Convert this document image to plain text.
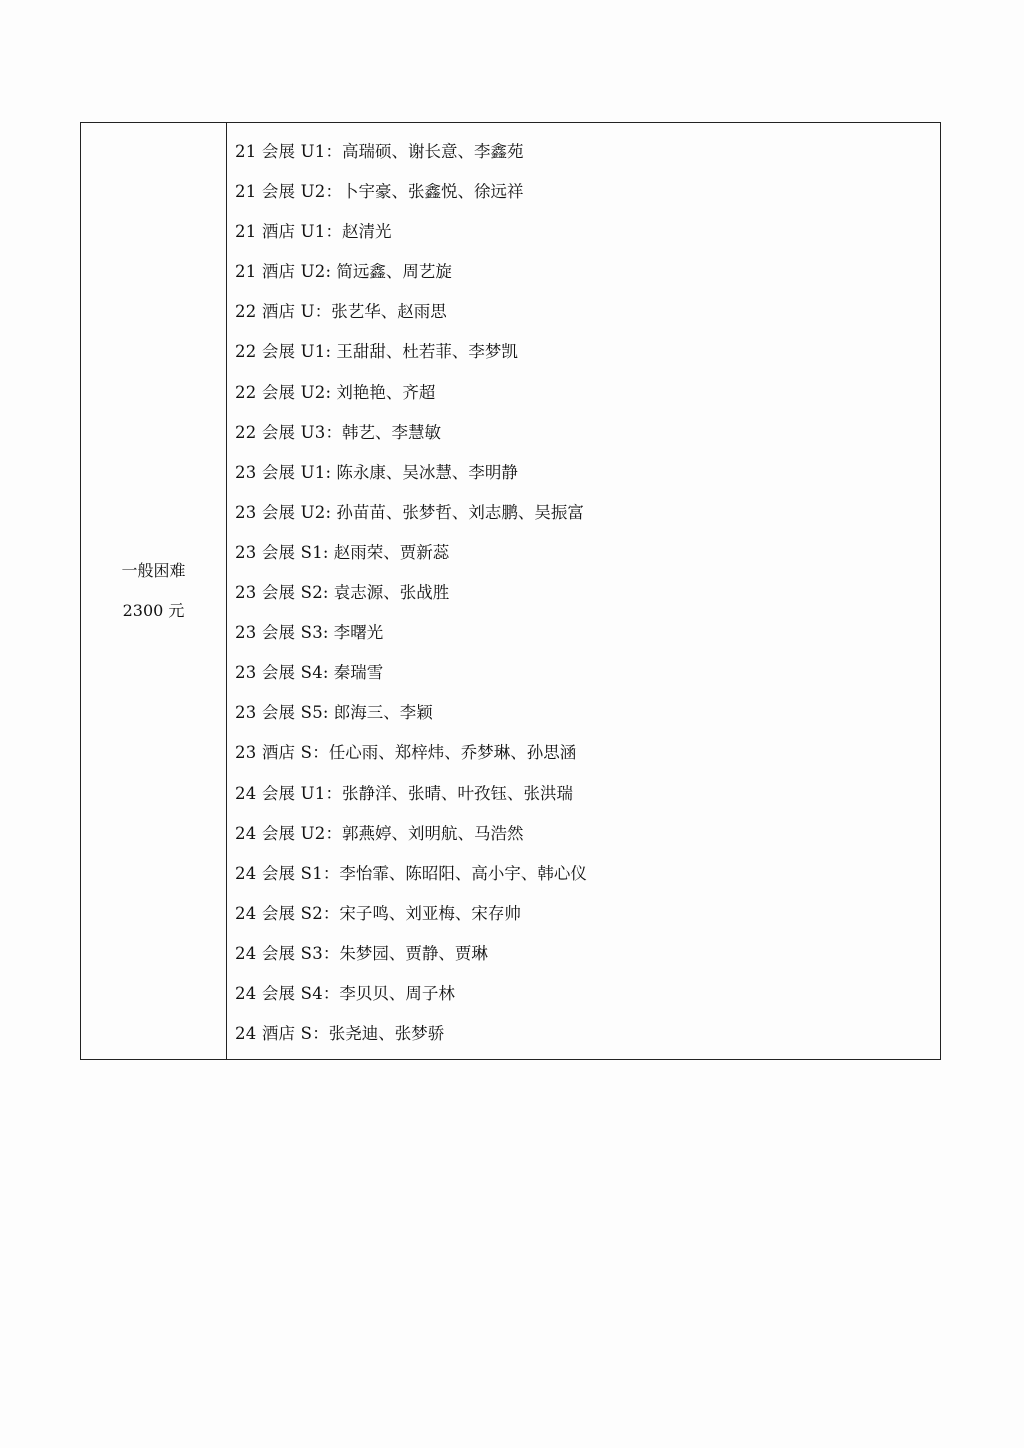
一般困难
2300 元
21 会展 U1：高瑞硕、谢长意、李鑫苑
21 会展 U2：卜宇豪、张鑫悦、徐远祥
21 酒店 U1：赵清光
21 酒店 U2: 简远鑫、周艺旋
22 酒店 U：张艺华、赵雨思
22 会展 U1: 王甜甜、杜若菲、李梦凯
22 会展 U2: 刘艳艳、齐超
22 会展 U3：韩艺、李慧敏
23 会展 U1: 陈永康、吴冰慧、李明静
23 会展 U2: 孙苗苗、张梦哲、刘志鹏、吴振富
23 会展 S1: 赵雨荣、贾新蕊
23 会展 S2: 袁志源、张战胜
23 会展 S3: 李曙光
23 会展 S4: 秦瑞雪
23 会展 S5: 郎海三、李颖
23 酒店 S：任心雨、郑梓炜、乔梦琳、孙思涵
24 会展 U1：张静洋、张晴、叶孜钰、张洪瑞
24 会展 U2：郭燕婷、刘明航、马浩然
24 会展 S1：李怡霏、陈昭阳、高小宇、韩心仪
24 会展 S2：宋子鸣、刘亚梅、宋存帅
24 会展 S3：朱梦园、贾静、贾琳
24 会展 S4：李贝贝、周子林
24 酒店 S：张尧迪、张梦骄
